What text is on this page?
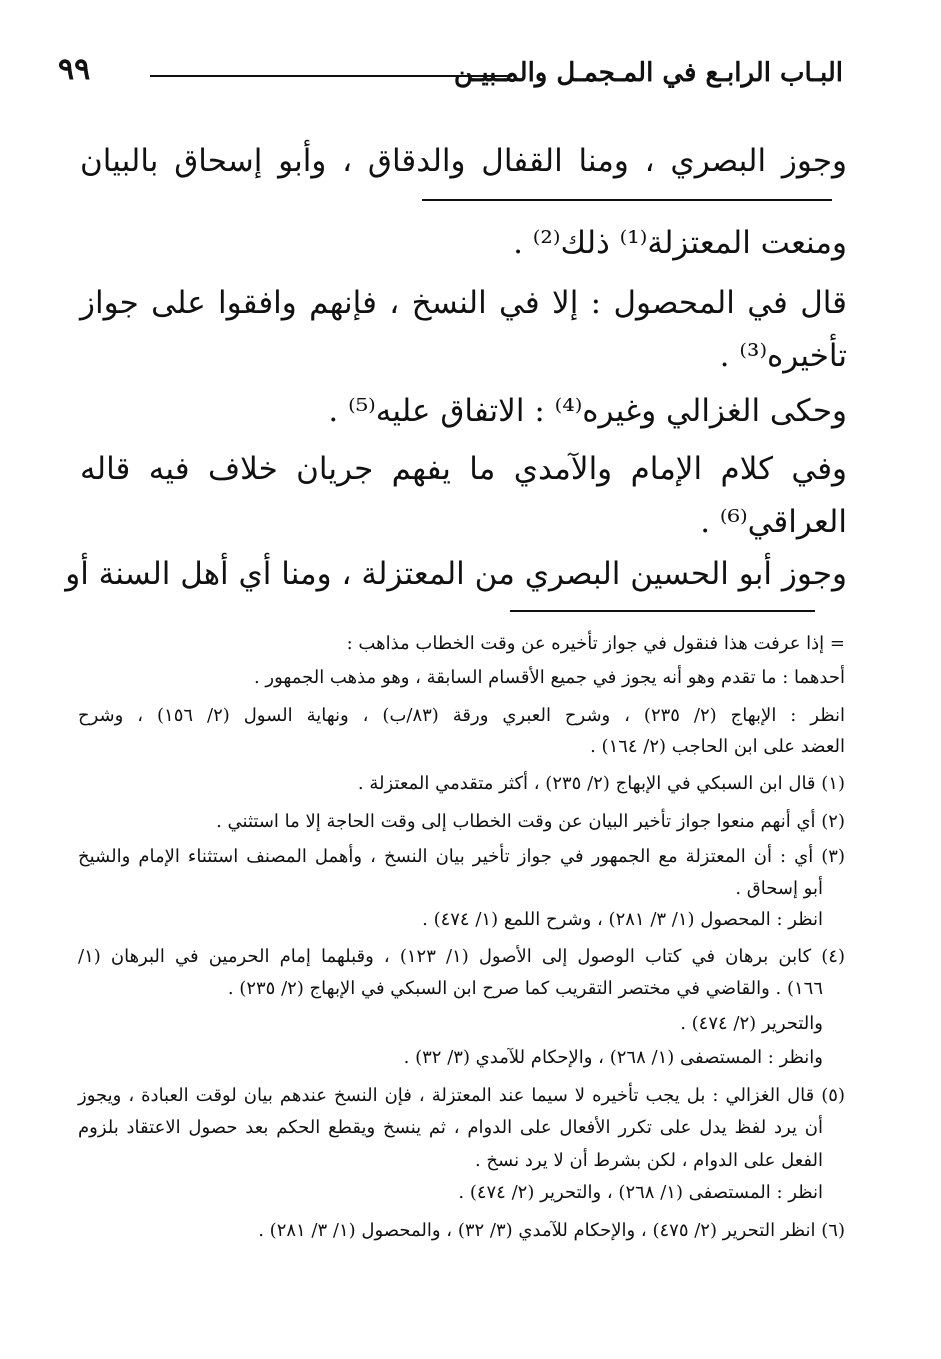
٩٩	البـاب الرابـع في المـجمـل والمـبيـن
وجوز البصري ، ومنا القفال والدقاق ، وأبو إسحاق بالبيان
ومنعت المعتزلة⁽¹⁾ ذلك⁽²⁾ .
قال في المحصول : إلا في النسخ ، فإنهم وافقوا على جواز
تأخيره⁽³⁾ .
وحكى الغزالي وغيره⁽⁴⁾ : الاتفاق عليه⁽⁵⁾ .
وفي كلام الإمام والآمدي ما يفهم جريان خلاف فيه قاله
العراقي⁽⁶⁾ .
وجوز أبو الحسين البصري من المعتزلة ، ومنا أي أهل السنة أو
= إذا عرفت هذا فنقول في جواز تأخيره عن وقت الخطاب مذاهب :
أحدهما : ما تقدم وهو أنه يجوز في جميع الأقسام السابقة ، وهو مذهب الجمهور .
انظر : الإبهاج (٢/ ٢٣٥) ، وشرح العبري ورقة (٨٣/ب) ، ونهاية السول (٢/ ١٥٦) ، وشرح
العضد على ابن الحاجب (٢/ ١٦٤) .
(١) قال ابن السبكي في الإبهاج (٢/ ٢٣٥) ، أكثر متقدمي المعتزلة .
(٢) أي أنهم منعوا جواز تأخير البيان عن وقت الخطاب إلى وقت الحاجة إلا ما استثني .
(٣) أي : أن المعتزلة مع الجمهور في جواز تأخير بيان النسخ ، وأهمل المصنف استثناء الإمام والشيخ
أبو إسحاق .
انظر : المحصول (١/ ٣/ ٢٨١) ، وشرح اللمع (١/ ٤٧٤) .
(٤) كابن برهان في كتاب الوصول إلى الأصول (١/ ١٢٣) ، وقبلهما إمام الحرمين في البرهان (١/
١٦٦) . والقاضي في مختصر التقريب كما صرح ابن السبكي في الإبهاج (٢/ ٢٣٥) .
والتحرير (٢/ ٤٧٤) .
وانظر : المستصفى (١/ ٢٦٨) ، والإحكام للآمدي (٣/ ٣٢) .
(٥) قال الغزالي : بل يجب تأخيره لا سيما عند المعتزلة ، فإن النسخ عندهم بيان لوقت العبادة ، ويجوز
أن يرد لفظ يدل على تكرر الأفعال على الدوام ، ثم ينسخ ويقطع الحكم بعد حصول الاعتقاد بلزوم
الفعل على الدوام ، لكن بشرط أن لا يرد نسخ .
انظر : المستصفى (١/ ٢٦٨) ، والتحرير (٢/ ٤٧٤) .
(٦) انظر التحرير (٢/ ٤٧٥) ، والإحكام للآمدي (٣/ ٣٢) ، والمحصول (١/ ٣/ ٢٨١) .
